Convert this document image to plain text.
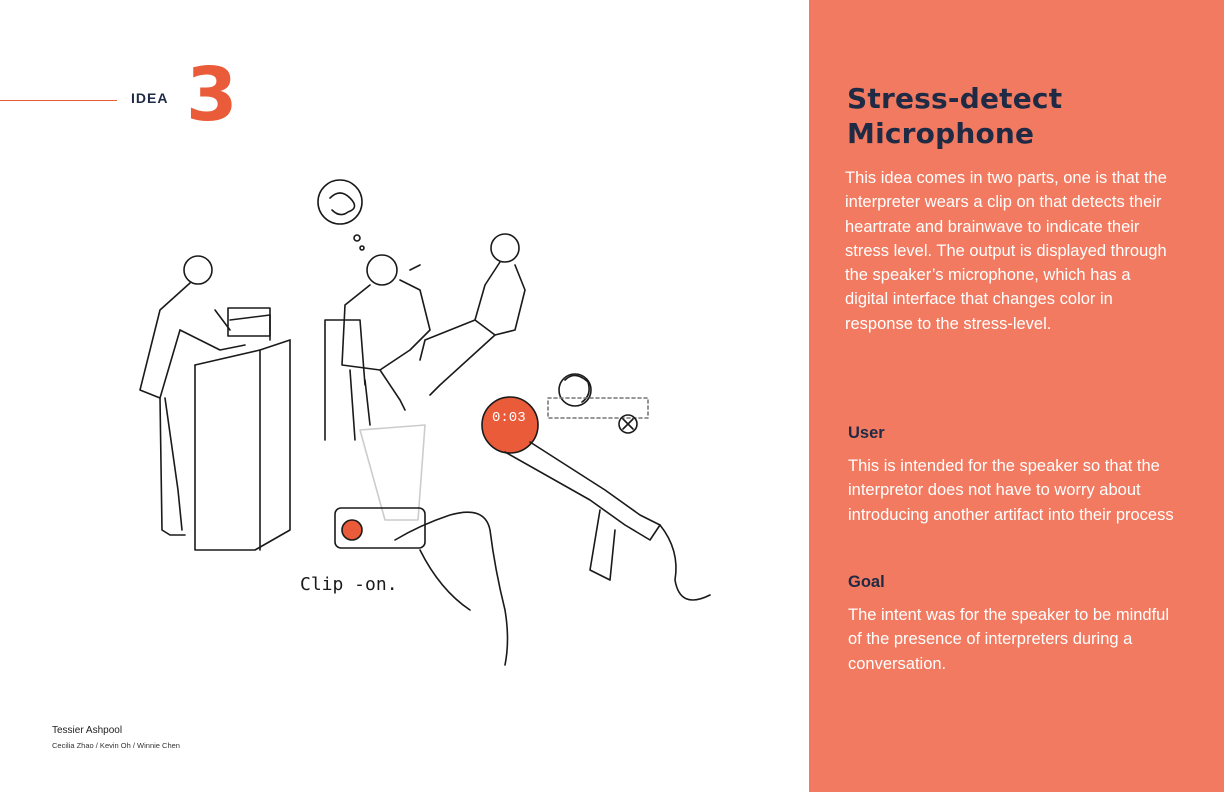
IDEA 3
0:03
Clip -on.
Tessier Ashpool
Cecilia Zhao / Kevin Oh / Winnie Chen
Stress-detect Microphone
This idea comes in two parts, one is that the interpreter wears a clip on that detects their heartrate and brainwave to indicate their stress level. The output is displayed through the speaker’s microphone, which has a digital interface that changes color in response to the stress-level.
User
This is intended for the speaker so that the interpretor does not have to worry about introducing another artifact into their process
Goal
The intent was for the speaker to be mindful of the presence of interpreters during a conversation.
